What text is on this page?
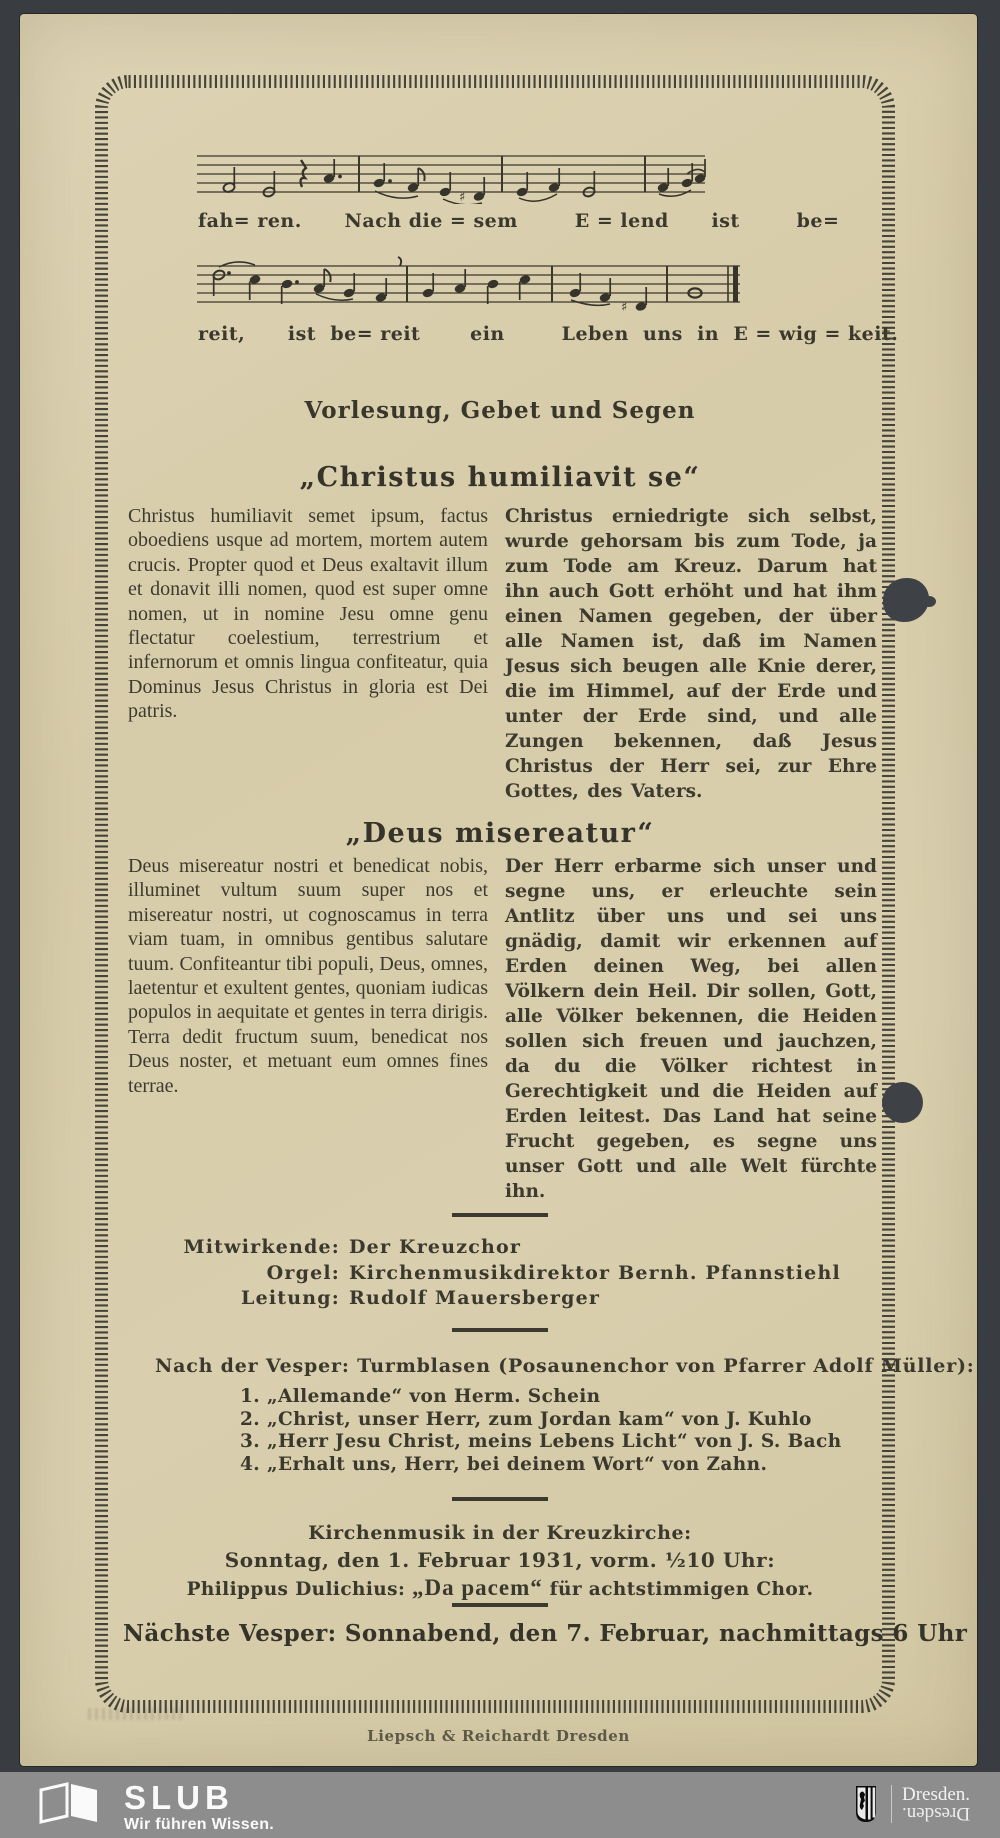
♯
fah= ren.      Nach die = sem        E = lend      ist        be=
♯
reit,      ist  be= reit       ein        Leben  uns  in  E = wig = keit.
Vorlesung, Gebet und Segen
„Christus humiliavit se“
Christus humiliavit semet ipsum, factus oboediens usque ad mortem, mortem autem crucis. Propter quod et Deus exaltavit illum et donavit illi nomen, quod est super omne nomen, ut in nomine Jesu omne genu flectatur coelestium, terrestrium et infernorum et omnis lingua confiteatur, quia Dominus Jesus Christus in gloria est Dei patris.
Christus erniedrigte sich selbst, wurde gehorsam bis zum Tode, ja zum Tode am Kreuz. Darum hat ihn auch Gott erhöht und hat ihm einen Namen gegeben, der über alle Namen ist, daß im Namen Jesus sich beugen alle Knie derer, die im Himmel, auf der Erde und unter der Erde sind, und alle Zungen bekennen, daß Jesus Christus der Herr sei, zur Ehre Gottes, des Vaters.
„Deus misereatur“
Deus misereatur nostri et benedicat nobis, illuminet vultum suum super nos et misereatur nostri, ut cognoscamus in terra viam tuam, in omnibus gentibus salutare tuum. Confiteantur tibi populi, Deus, omnes, laetentur et exultent gentes, quoniam iudicas populos in aequitate et gentes in terra dirigis. Terra dedit fructum suum, benedicat nos Deus noster, et metuant eum omnes fines terrae.
Der Herr erbarme sich unser und segne uns, er erleuchte sein Antlitz über uns und sei uns gnädig, damit wir erkennen auf Erden deinen Weg, bei allen Völkern dein Heil. Dir sollen, Gott, alle Völker bekennen, die Heiden sollen sich freuen und jauchzen, da du die Völker richtest in Gerechtigkeit und die Heiden auf Erden leitest. Das Land hat seine Frucht gegeben, es segne uns unser Gott und alle Welt fürchte ihn.
Mitwirkende: Der Kreuzchor
Orgel: Kirchenmusikdirektor Bernh. Pfannstiehl
Leitung: Rudolf Mauersberger
Nach der Vesper: Turmblasen (Posaunenchor von Pfarrer Adolf Müller):
1. „Allemande“ von Herm. Schein
2. „Christ, unser Herr, zum Jordan kam“ von J. Kuhlo
3. „Herr Jesu Christ, meins Lebens Licht“ von J. S. Bach
4. „Erhalt uns, Herr, bei deinem Wort“ von Zahn.
Kirchenmusik in der Kreuzkirche:
Sonntag, den 1. Februar 1931, vorm. ½10 Uhr:
Philippus Dulichius: „Da pacem“ für achtstimmigen Chor.
Nächste Vesper: Sonnabend, den 7. Februar, nachmittags 6 Uhr
Liepsch & Reichardt Dresden
SLUB
Wir führen Wissen.
Dresden.
Dresden.
